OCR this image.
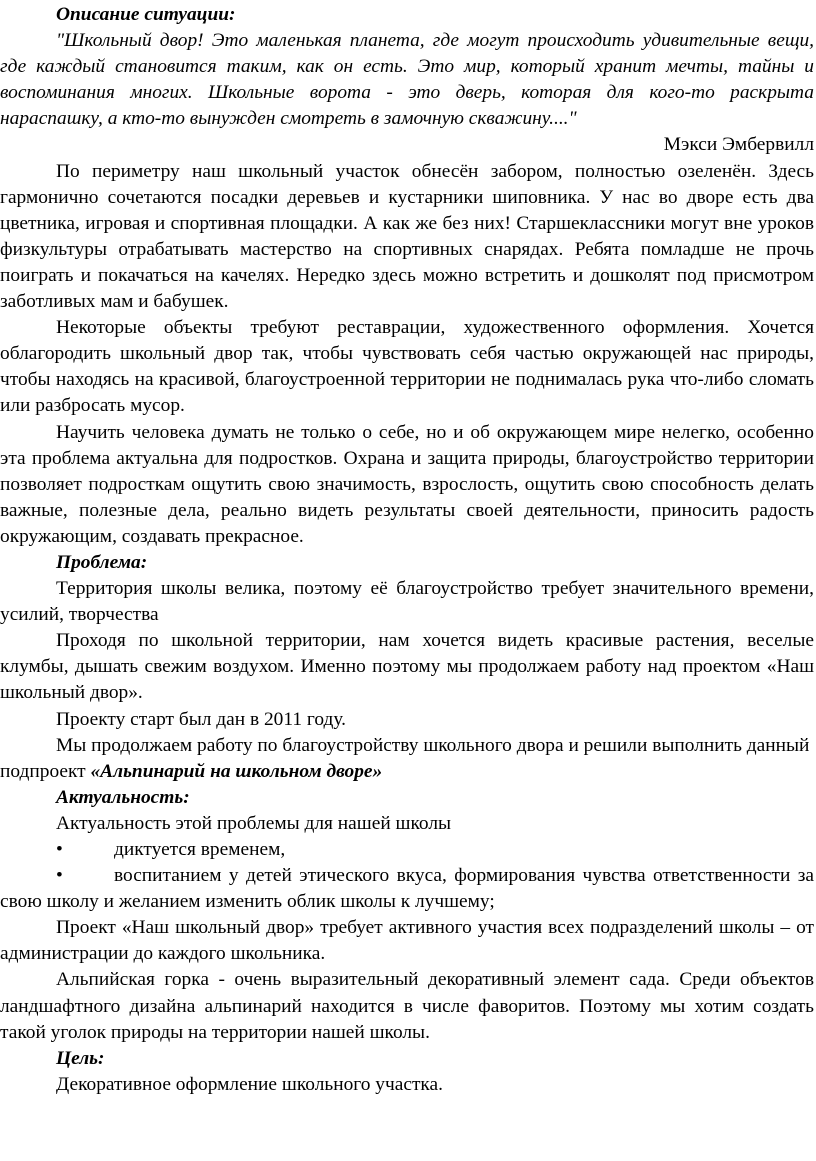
Описание ситуации:

"Школьный двор! Это маленькая планета, где могут происходить удивительные вещи, где каждый становится таким, как он есть. Это мир, который хранит мечты, тайны и воспоминания многих. Школьные ворота - это дверь, которая для кого-то раскрыта нараспашку, а кто-то вынужден смотреть в замочную скважину...."

Мэкси Эмбервилл

По периметру наш школьный участок обнесён забором, полностью озеленён. Здесь гармонично сочетаются посадки деревьев и кустарники шиповника. У нас во дворе есть два цветника, игровая и спортивная площадки. А как же без них! Старшеклассники могут вне уроков физкультуры отрабатывать мастерство на спортивных снарядах. Ребята помладше не прочь поиграть и покачаться на качелях. Нередко здесь можно встретить и дошколят под присмотром заботливых мам и бабушек.

Некоторые объекты требуют реставрации, художественного оформления. Хочется облагородить школьный двор так, чтобы чувствовать себя частью окружающей нас природы, чтобы находясь на красивой, благоустроенной территории не поднималась рука что-либо сломать или разбросать мусор.

Научить человека думать не только о себе, но и об окружающем мире нелегко, особенно эта проблема актуальна для подростков. Охрана и защита природы, благоустройство территории позволяет подросткам ощутить свою значимость, взрослость, ощутить свою способность делать важные, полезные дела, реально видеть результаты своей деятельности, приносить радость окружающим, создавать прекрасное.

Проблема:

Территория школы велика, поэтому её благоустройство требует значительного времени, усилий, творчества

Проходя по школьной территории, нам хочется видеть красивые растения, веселые клумбы, дышать свежим воздухом. Именно поэтому мы продолжаем работу над проектом «Наш школьный двор».

Проекту старт был дан в 2011 году.

Мы продолжаем работу по благоустройству школьного двора и решили выполнить данный подпроект «Альпинарий на школьном дворе»

Актуальность:

Актуальность этой проблемы для нашей школы

•	диктуется временем,

•	воспитанием у детей этического вкуса, формирования чувства ответственности за свою школу и желанием изменить облик школы к лучшему;

Проект «Наш школьный двор» требует активного участия всех подразделений школы – от администрации до каждого школьника.

Альпийская горка - очень выразительный декоративный элемент сада. Среди объектов ландшафтного дизайна альпинарий находится в числе фаворитов. Поэтому мы хотим создать такой уголок природы на территории нашей школы.

Цель:

Декоративное оформление школьного участка.
